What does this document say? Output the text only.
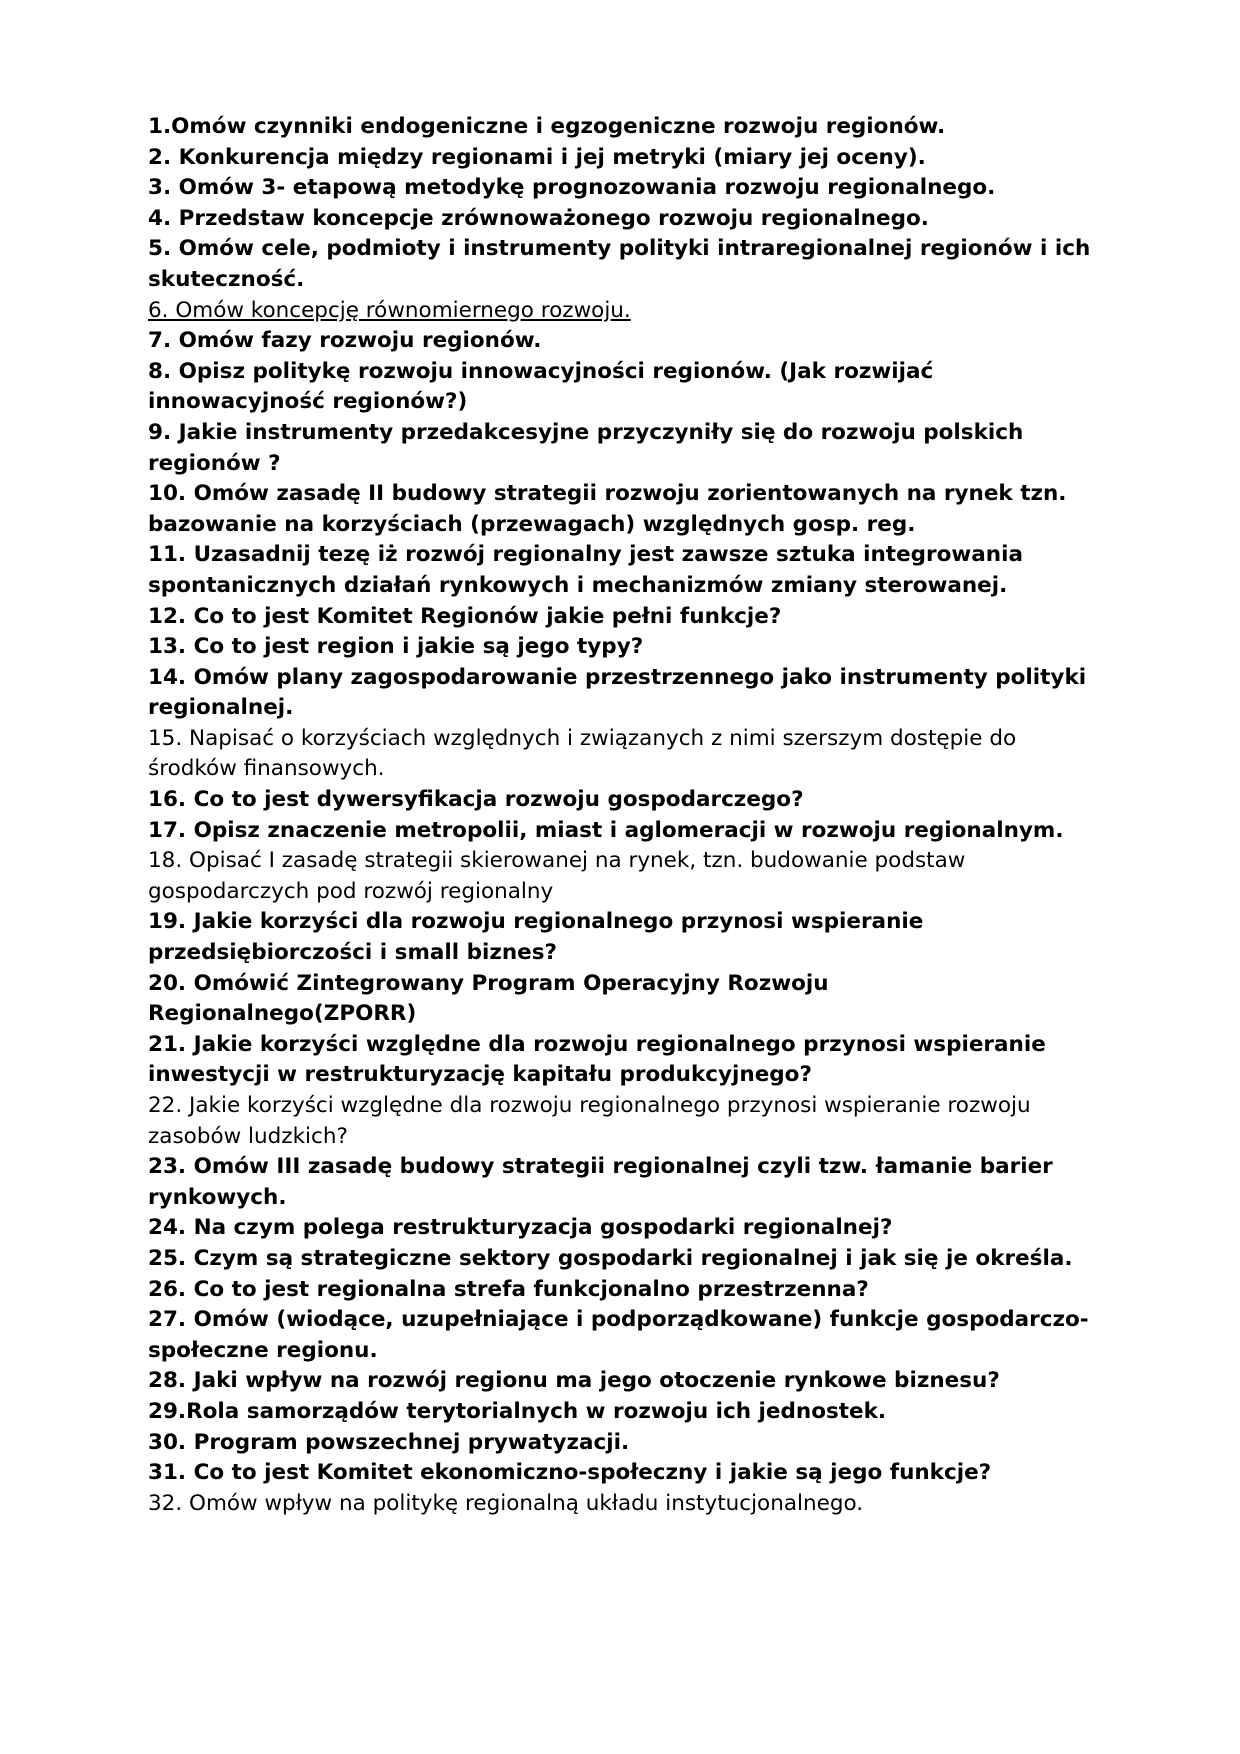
1.Omów czynniki endogeniczne i egzogeniczne rozwoju regionów.
2. Konkurencja między regionami i jej metryki (miary jej oceny).
3. Omów 3- etapową metodykę prognozowania rozwoju regionalnego.
4. Przedstaw koncepcje zrównoważonego rozwoju regionalnego.
5. Omów cele, podmioty i instrumenty polityki intraregionalnej regionów i ich skuteczność.
6. Omów koncepcję równomiernego rozwoju.
7. Omów fazy rozwoju regionów.
8. Opisz politykę rozwoju innowacyjności regionów. (Jak rozwijać innowacyjność regionów?)
9. Jakie instrumenty przedakcesyjne przyczyniły się do rozwoju polskich regionów ?
10. Omów zasadę II budowy strategii rozwoju zorientowanych na rynek tzn. bazowanie na korzyściach (przewagach) względnych gosp. reg.
11. Uzasadnij tezę iż rozwój regionalny jest zawsze sztuka integrowania spontanicznych działań rynkowych i mechanizmów zmiany sterowanej.
12. Co to jest Komitet Regionów jakie pełni funkcje?
13. Co to jest region i jakie są jego typy?
14. Omów plany zagospodarowanie przestrzennego jako instrumenty polityki regionalnej.
15. Napisać o korzyściach względnych i związanych z nimi szerszym dostępie do środków finansowych.
16. Co to jest dywersyfikacja rozwoju gospodarczego?
17. Opisz znaczenie metropolii, miast i aglomeracji w rozwoju regionalnym.
18. Opisać I zasadę strategii skierowanej na rynek, tzn. budowanie podstaw gospodarczych pod rozwój regionalny
19. Jakie korzyści dla rozwoju regionalnego przynosi wspieranie przedsiębiorczości i small biznes?
20. Omówić Zintegrowany Program Operacyjny Rozwoju Regionalnego(ZPORR)
21. Jakie korzyści względne dla rozwoju regionalnego przynosi wspieranie inwestycji w restrukturyzację kapitału produkcyjnego?
22. Jakie korzyści względne dla rozwoju regionalnego przynosi wspieranie rozwoju zasobów ludzkich?
23. Omów III zasadę budowy strategii regionalnej czyli tzw. łamanie barier rynkowych.
24. Na czym polega restrukturyzacja gospodarki regionalnej?
25. Czym są strategiczne sektory gospodarki regionalnej i jak się je określa.
26. Co to jest regionalna strefa funkcjonalno przestrzenna?
27. Omów (wiodące, uzupełniające i podporządkowane) funkcje gospodarczo-społeczne regionu.
28. Jaki wpływ na rozwój regionu ma jego otoczenie rynkowe biznesu?
29.Rola samorządów terytorialnych w rozwoju ich jednostek.
30. Program powszechnej prywatyzacji.
31. Co to jest Komitet ekonomiczno-społeczny i jakie są jego funkcje?
32. Omów wpływ na politykę regionalną układu instytucjonalnego.
